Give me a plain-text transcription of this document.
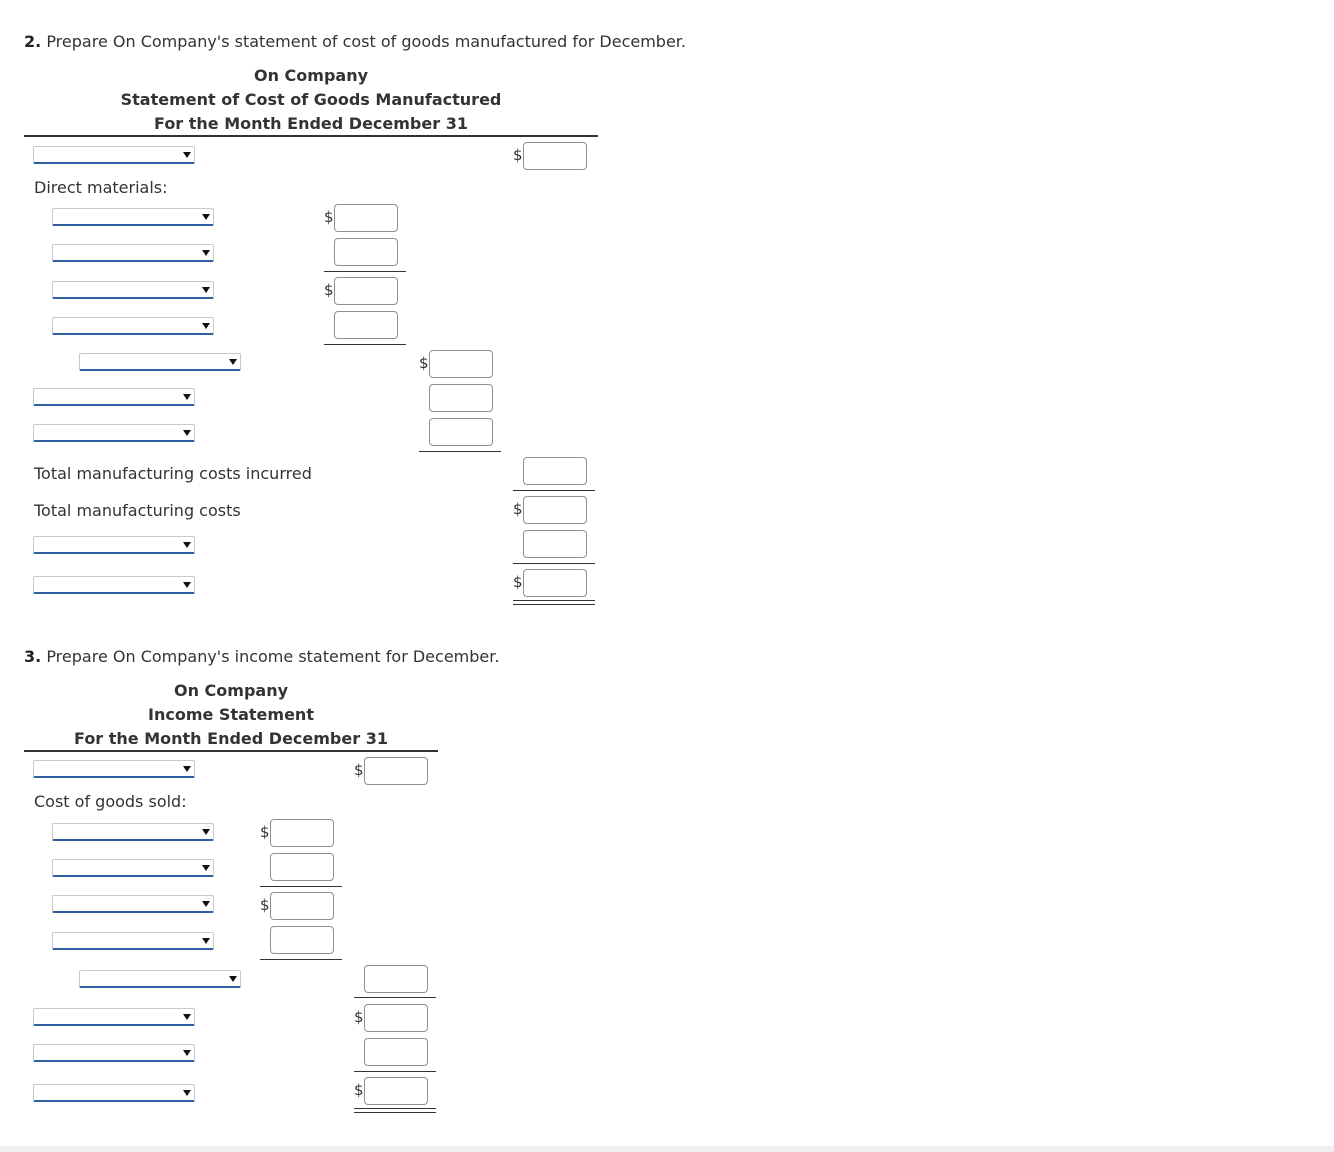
2. Prepare On Company's statement of cost of goods manufactured for December.
On Company
Statement of Cost of Goods Manufactured
For the Month Ended December 31
$
Direct materials:
$
$
$
Total manufacturing costs incurred
Total manufacturing costs	$
$
3. Prepare On Company's income statement for December.
On Company
Income Statement
For the Month Ended December 31
$
Cost of goods sold:
$
$
$
$
